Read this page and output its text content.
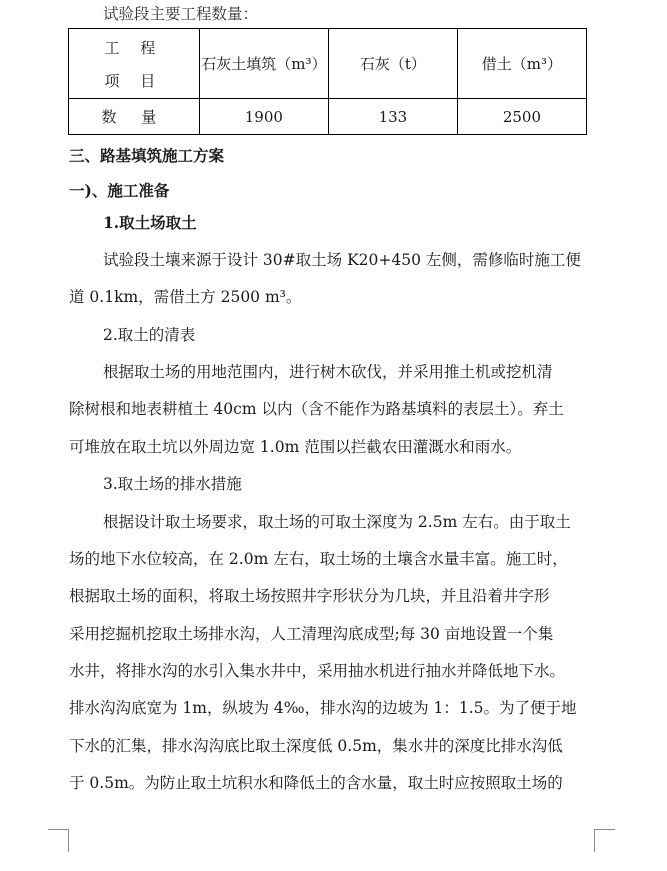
试验段主要工程数量：
工 程
项 目	石灰土填筑（m³）	石灰（t）	借土（m³）
数 量	1900	133	2500
三、路基填筑施工方案
一)、施工准备
1.取土场取土
试验段土壤来源于设计 30#取土场 K20+450 左侧，需修临时施工便
道 0.1km，需借土方 2500 m³。
2.取土的清表
根据取土场的用地范围内，进行树木砍伐，并采用推土机或挖机清
除树根和地表耕植土 40cm 以内（含不能作为路基填料的表层土）。弃土
可堆放在取土坑以外周边宽 1.0m 范围以拦截农田灌溉水和雨水。
3.取土场的排水措施
根据设计取土场要求，取土场的可取土深度为 2.5m 左右。由于取土
场的地下水位较高，在 2.0m 左右，取土场的土壤含水量丰富。施工时，
根据取土场的面积，将取土场按照井字形状分为几块，并且沿着井字形
采用挖掘机挖取土场排水沟，人工清理沟底成型;每 30 亩地设置一个集
水井，将排水沟的水引入集水井中，采用抽水机进行抽水并降低地下水。
排水沟沟底宽为 1m，纵坡为 4‰，排水沟的边坡为 1：1.5。为了便于地
下水的汇集，排水沟沟底比取土深度低 0.5m，集水井的深度比排水沟低
于 0.5m。为防止取土坑积水和降低土的含水量，取土时应按照取土场的
